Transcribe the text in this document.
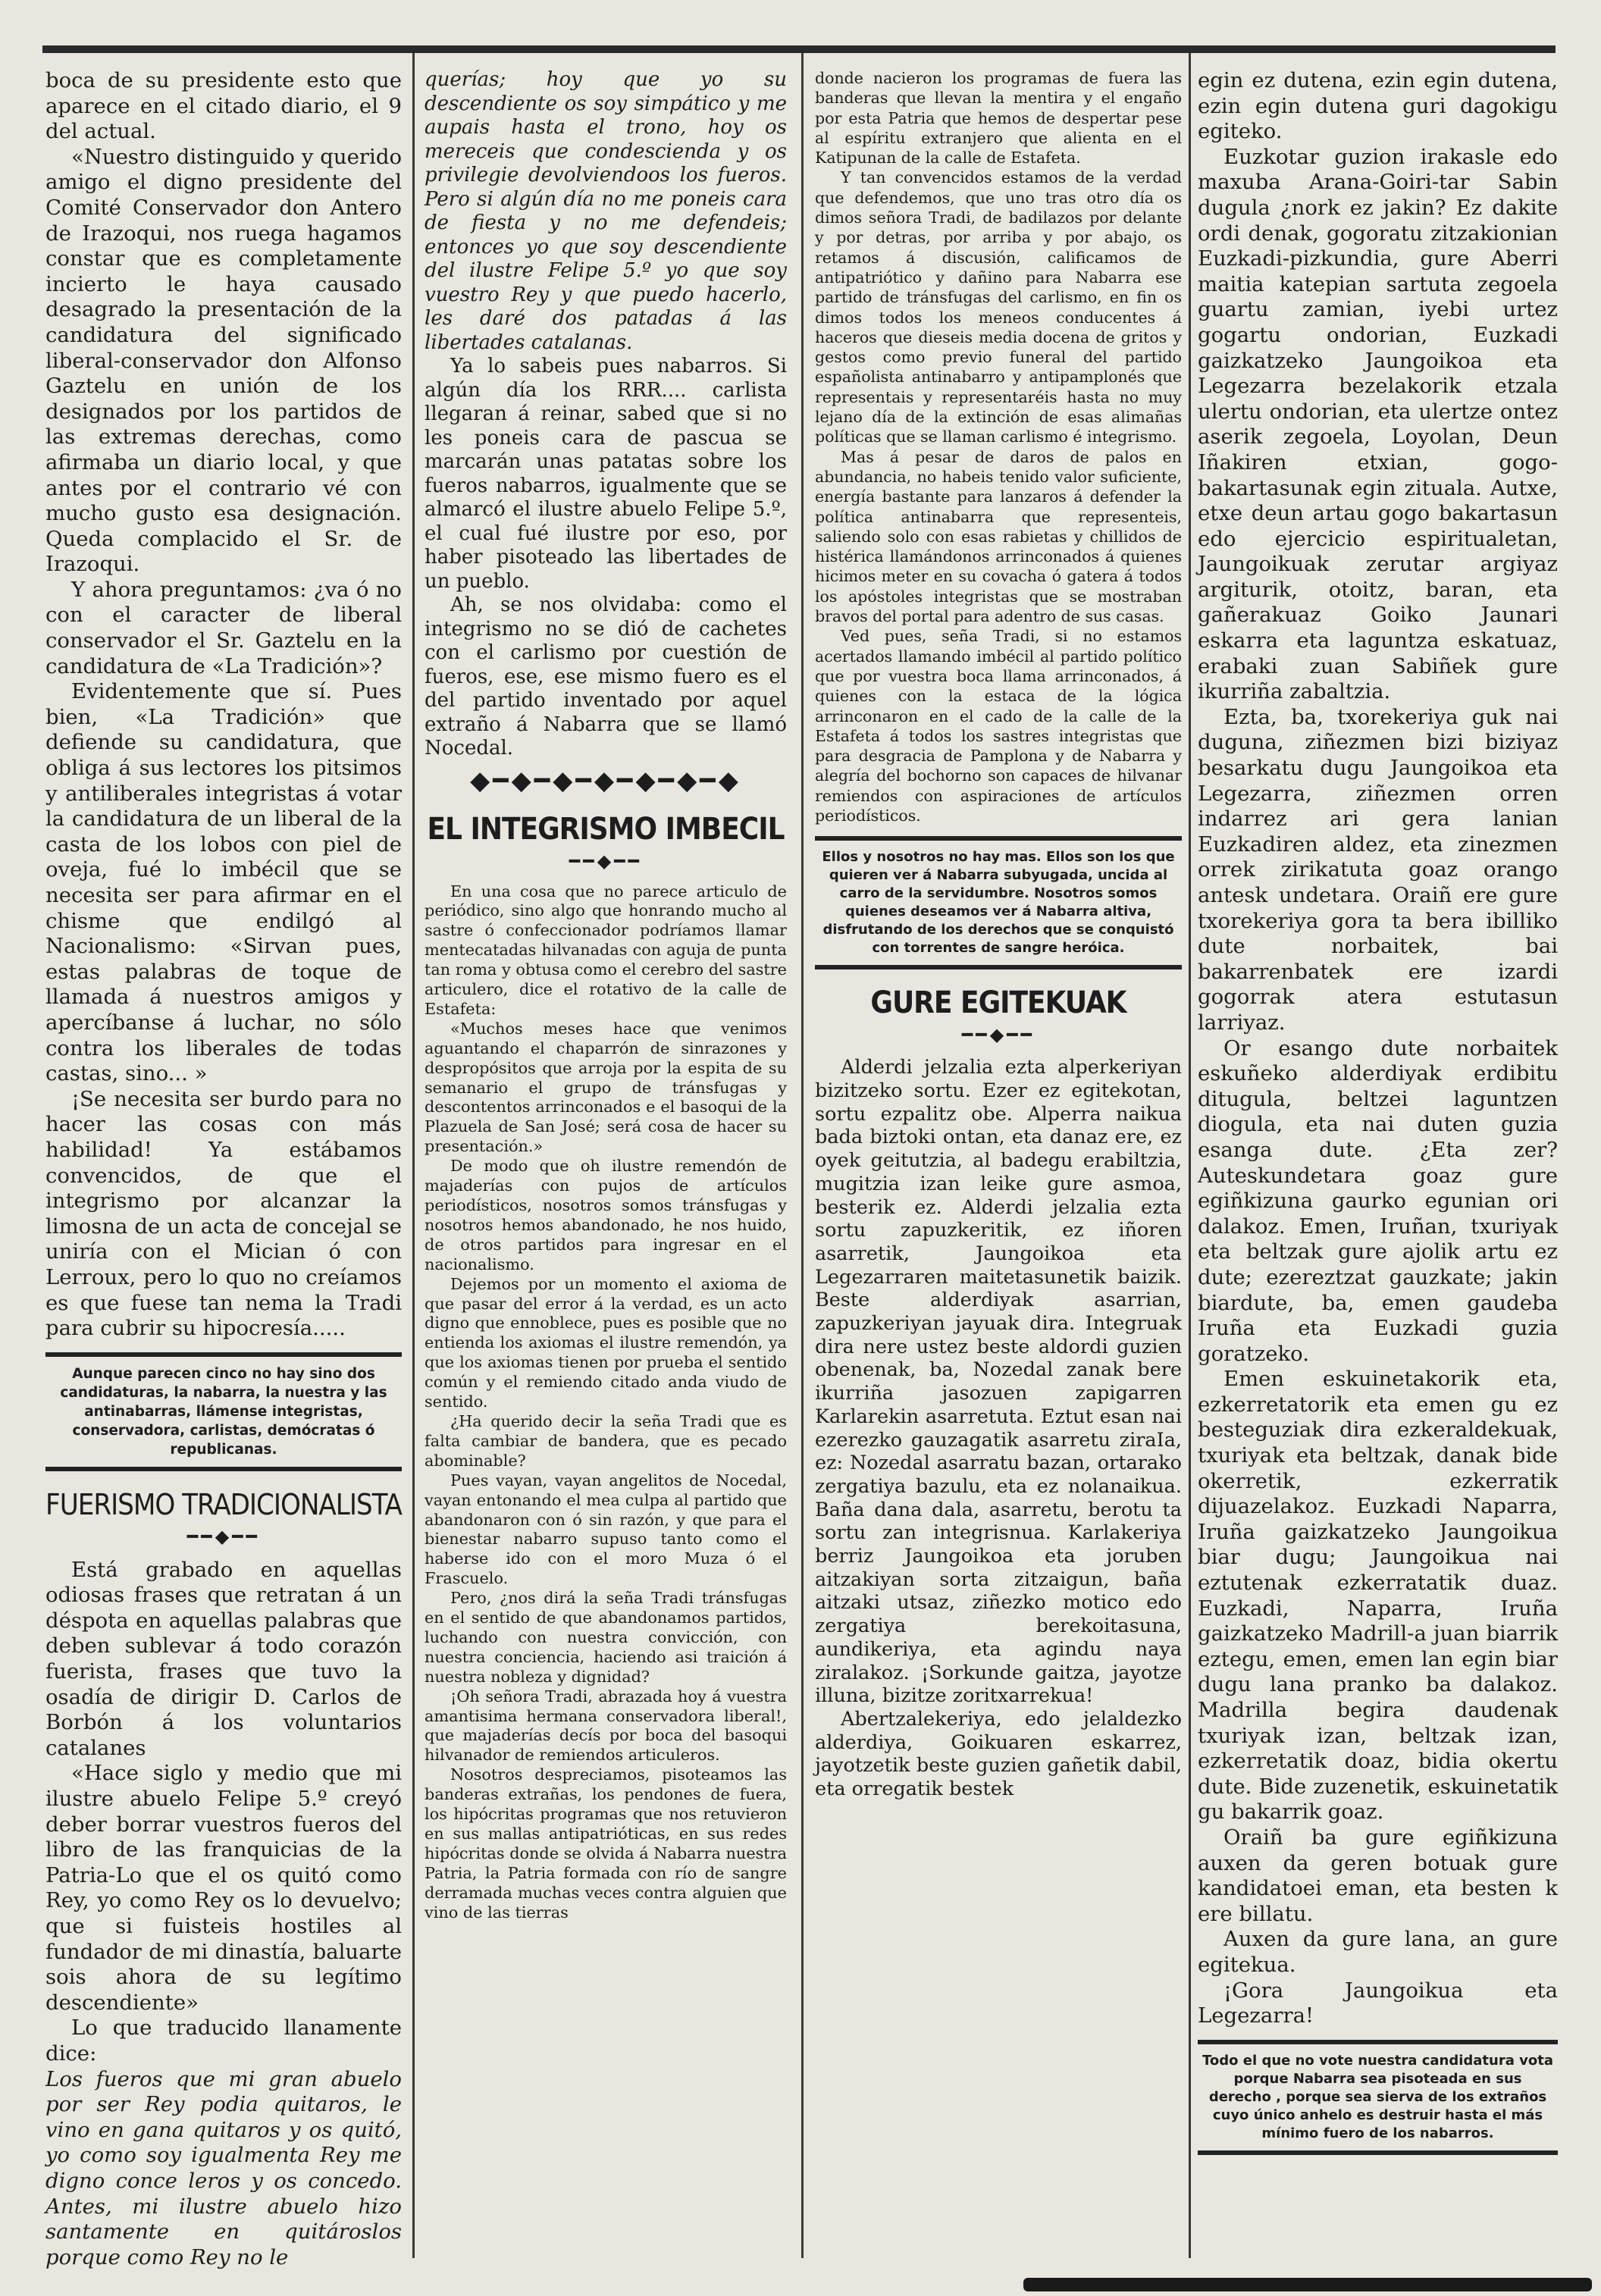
boca de su presidente esto que aparece en el citado diario, el 9 del actual.

«Nuestro distinguido y querido amigo el digno presidente del Comité Conservador don Antero de Irazoqui, nos ruega hagamos constar que es completamente incierto le haya causado desagrado la presentación de la candidatura del significado liberal-conservador don Alfonso Gaztelu en unión de los designados por los partidos de las extremas derechas, como afirmaba un diario local, y que antes por el contrario vé con mucho gusto esa designación. Queda complacido el Sr. de Irazoqui.

Y ahora preguntamos: ¿va ó no con el caracter de liberal conservador el Sr. Gaztelu en la candidatura de «La Tradición»?

Evidentemente que sí. Pues bien, «La Tradición» que defiende su candidatura, que obliga á sus lectores los pitsimos y antiliberales integristas á votar la candidatura de un liberal de la casta de los lobos con piel de oveja, fué lo imbécil que se necesita ser para afirmar en el chisme que endilgó al Nacionalismo: «Sirvan pues, estas palabras de toque de llamada á nuestros amigos y apercíbanse á luchar, no sólo contra los liberales de todas castas, sino... »

¡Se necesita ser burdo para no hacer las cosas con más habilidad! Ya estábamos convencidos, de que el integrismo por alcanzar la limosna de un acta de concejal se uniría con el Mician ó con Lerroux, pero lo quo no creíamos es que fuese tan nema la Tradi para cubrir su hipocresía.....

Aunque parecen cinco no hay sino dos candidaturas, la nabarra, la nuestra y las antinabarras, llámense integristas, conservadora, carlistas, demócratas ó republicanas.
FUERISMO TRADICIONALISTA
━━◆━━

Está grabado en aquellas odiosas frases que retratan á un déspota en aquellas palabras que deben sublevar á todo corazón fuerista, frases que tuvo la osadía de dirigir D. Carlos de Borbón á los voluntarios catalanes

«Hace siglo y medio que mi ilustre abuelo Felipe 5.º creyó deber borrar vuestros fueros del libro de las franquicias de la Patria-Lo que el os quitó como Rey, yo como Rey os lo devuelvo; que si fuisteis hostiles al fundador de mi dinastía, baluarte sois ahora de su legítimo descendiente»

Lo que traducido llanamente dice:

Los fueros que mi gran abuelo por ser Rey podia quitaros, le vino en gana quitaros y os quitó, yo como soy igualmenta Rey me digno conce leros y os concedo. Antes, mi ilustre abuelo hizo santamente en quitároslos porque como Rey no le

querías; hoy que yo su descendiente os soy simpático y me aupais hasta el trono, hoy os mereceis que condescienda y os privilegie devolviendoos los fueros. Pero si algún día no me poneis cara de fiesta y no me defendeis; entonces yo que soy descendiente del ilustre Felipe 5.º yo que soy vuestro Rey y que puedo hacerlo, les daré dos patadas á las libertades catalanas.

Ya lo sabeis pues nabarros. Si algún día los RRR.... carlista llegaran á reinar, sabed que si no les poneis cara de pascua se marcarán unas patatas sobre los fueros nabarros, igualmente que se almarcó el ilustre abuelo Felipe 5.º, el cual fué ilustre por eso, por haber pisoteado las libertades de un pueblo.

Ah, se nos olvidaba: como el integrismo no se dió de cachetes con el carlismo por cuestión de fueros, ese, ese mismo fuero es el del partido inventado por aquel extraño á Nabarra que se llamó Nocedal.

◆━◆━◆━◆━◆━◆━◆
EL INTEGRISMO IMBECIL
━━◆━━

En una cosa que no parece articulo de periódico, sino algo que honrando mucho al sastre ó confeccionador podríamos llamar mentecatadas hilvanadas con aguja de punta tan roma y obtusa como el cerebro del sastre articulero, dice el rotativo de la calle de Estafeta:

«Muchos meses hace que venimos aguantando el chaparrón de sinrazones y despropósitos que arroja por la espita de su semanario el grupo de tránsfugas y descontentos arrinconados e el basoqui de la Plazuela de San José; será cosa de hacer su presentación.»

De modo que oh ilustre remendón de majaderías con pujos de artículos periodísticos, nosotros somos tránsfugas y nosotros hemos abandonado, he nos huido, de otros partidos para ingresar en el nacionalismo.

Dejemos por un momento el axioma de que pasar del error á la verdad, es un acto digno que ennoblece, pues es posible que no entienda los axiomas el ilustre remendón, ya que los axiomas tienen por prueba el sentido común y el remiendo citado anda viudo de sentido.

¿Ha querido decir la seña Tradi que es falta cambiar de bandera, que es pecado abominable?

Pues vayan, vayan angelitos de Nocedal, vayan entonando el mea culpa al partido que abandonaron con ó sin razón, y que para el bienestar nabarro supuso tanto como el haberse ido con el moro Muza ó el Frascuelo.

Pero, ¿nos dirá la seña Tradi tránsfugas en el sentido de que abandonamos partidos, luchando con nuestra convicción, con nuestra conciencia, haciendo asi traición á nuestra nobleza y dignidad?

¡Oh señora Tradi, abrazada hoy á vuestra amantisima hermana conservadora liberal!, que majaderías decís por boca del basoqui hilvanador de remiendos articuleros.

Nosotros despreciamos, pisoteamos las banderas extrañas, los pendones de fuera, los hipócritas programas que nos retuvieron en sus mallas antipatrióticas, en sus redes hipócritas donde se olvida á Nabarra nuestra Patria, la Patria formada con río de sangre derramada muchas veces contra alguien que vino de las tierras

donde nacieron los programas de fuera las banderas que llevan la mentira y el engaño por esta Patria que hemos de despertar pese al espíritu extranjero que alienta en el Katipunan de la calle de Estafeta.

Y tan convencidos estamos de la verdad que defendemos, que uno tras otro día os dimos señora Tradi, de badilazos por delante y por detras, por arriba y por abajo, os retamos á discusión, calificamos de antipatriótico y dañino para Nabarra ese partido de tránsfugas del carlismo, en fin os dimos todos los meneos conducentes á haceros que dieseis media docena de gritos y gestos como previo funeral del partido españolista antinabarro y antipamplonés que representais y representaréis hasta no muy lejano día de la extinción de esas alimañas políticas que se llaman carlismo é integrismo.

Mas á pesar de daros de palos en abundancia, no habeis tenido valor suficiente, energía bastante para lanzaros á defender la política antinabarra que representeis, saliendo solo con esas rabietas y chillidos de histérica llamándonos arrinconados á quienes hicimos meter en su covacha ó gatera á todos los apóstoles integristas que se mostraban bravos del portal para adentro de sus casas.

Ved pues, seña Tradi, si no estamos acertados llamando imbécil al partido político que por vuestra boca llama arrinconados, á quienes con la estaca de la lógica arrinconaron en el cado de la calle de la Estafeta á todos los sastres integristas que para desgracia de Pamplona y de Nabarra y alegría del bochorno son capaces de hilvanar remiendos con aspiraciones de artículos periodísticos.

Ellos y nosotros no hay mas. Ellos son los que quieren ver á Nabarra subyugada, uncida al carro de la servidumbre. Nosotros somos quienes deseamos ver á Nabarra altiva, disfrutando de los derechos que se conquistó con torrentes de sangre heróica.
GURE EGITEKUAK
━━◆━━

Alderdi jelzalia ezta alperkeriyan bizitzeko sortu. Ezer ez egitekotan, sortu ezpalitz obe. Alperra naikua bada biztoki ontan, eta danaz ere, ez oyek geitutzia, al badegu erabiltzia, mugitzia izan leike gure asmoa, besterik ez. Alderdi jelzalia ezta sortu zapuzkeritik, ez iñoren asarretik, Jaungoikoa eta Legezarraren maitetasunetik baizik. Beste alderdiyak asarrian, zapuzkeriyan jayuak dira. Integruak dira nere ustez beste aldordi guzien obenenak, ba, Nozedal zanak bere ikurriña jasozuen zapigarren Karlarekin asarretuta. Eztut esan nai ezerezko gauzagatik asarretu ziraIa, ez: Nozedal asarratu bazan, ortarako zergatiya bazulu, eta ez nolanaikua. Baña dana dala, asarretu, berotu ta sortu zan integrisnua. Karlakeriya berriz Jaungoikoa eta joruben aitzakiyan sorta zitzaigun, baña aitzaki utsaz, ziñezko motico edo zergatiya berekoitasuna, aundikeriya, eta agindu naya ziralakoz. ¡Sorkunde gaitza, jayotze illuna, bizitze zoritxarrekua!

Abertzalekeriya, edo jelaldezko alderdiya, Goikuaren eskarrez, jayotzetik beste guzien gañetik dabil, eta orregatik bestek

egin ez dutena, ezin egin dutena, ezin egin dutena guri dagokigu egiteko.

Euzkotar guzion irakasle edo maxuba Arana-Goiri-tar Sabin dugula ¿nork ez jakin? Ez dakite ordi denak, gogoratu zitzakionian Euzkadi-pizkundia, gure Aberri maitia katepian sartuta zegoela guartu zamian, iyebi urtez gogartu ondorian, Euzkadi gaizkatzeko Jaungoikoa eta Legezarra bezelakorik etzala ulertu ondorian, eta ulertze ontez aserik zegoela, Loyolan, Deun Iñakiren etxian, gogo-bakartasunak egin zituala. Autxe, etxe deun artau gogo bakartasun edo ejercicio espiritualetan, Jaungoikuak zerutar argiyaz argiturik, otoitz, baran, eta gañerakuaz Goiko Jaunari eskarra eta laguntza eskatuaz, erabaki zuan Sabiñek gure ikurriña zabaltzia.

Ezta, ba, txorekeriya guk nai duguna, ziñezmen bizi biziyaz besarkatu dugu Jaungoikoa eta Legezarra, ziñezmen orren indarrez ari gera lanian Euzkadiren aldez, eta zinezmen orrek zirikatuta goaz orango antesk undetara. Oraiñ ere gure txorekeriya gora ta bera ibilliko dute norbaitek, bai bakarrenbatek ere izardi gogorrak atera estutasun larriyaz.

Or esango dute norbaitek eskuñeko alderdiyak erdibitu ditugula, beltzei laguntzen diogula, eta nai duten guzia esanga dute. ¿Eta zer? Auteskundetara goaz gure egiñkizuna gaurko egunian ori dalakoz. Emen, Iruñan, txuriyak eta beltzak gure ajolik artu ez dute; ezereztzat gauzkate; jakin biardute, ba, emen gaudeba Iruña eta Euzkadi guzia goratzeko.

Emen eskuinetakorik eta, ezkerretatorik eta emen gu ez besteguziak dira ezkeraldekuak, txuriyak eta beltzak, danak bide okerretik, ezkerratik dijuazelakoz. Euzkadi Naparra, Iruña gaizkatzeko Jaungoikua biar dugu; Jaungoikua nai eztutenak ezkerratatik duaz. Euzkadi, Naparra, Iruña gaizkatzeko Madrill-a juan biarrik eztegu, emen, emen lan egin biar dugu lana pranko ba dalakoz. Madrilla begira daudenak txuriyak izan, beltzak izan, ezkerretatik doaz, bidia okertu dute. Bide zuzenetik, eskuinetatik gu bakarrik goaz.

Oraiñ ba gure egiñkizuna auxen da geren botuak gure kandidatoei eman, eta besten k ere billatu.

Auxen da gure lana, an gure egitekua.

¡Gora Jaungoikua eta Legezarra!

Todo el que no vote nuestra candidatura vota porque Nabarra sea pisoteada en sus derecho , porque sea sierva de los extraños cuyo único anhelo es destruir hasta el más mínimo fuero de los nabarros.
